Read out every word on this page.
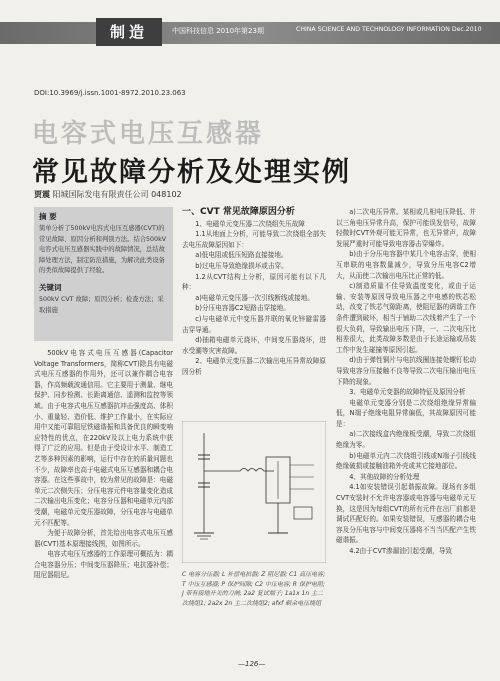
制造	中国科技信息 2010年第23期	CHINA SCIENCE AND TECHNOLOGY INFORMATION Dec.2010
DOI:10.3969/j.issn.1001-8972.2010.23.063
电容式电压互感器
常见故障分析及处理实例
贾震 阳城国际发电有限责任公司 048102

摘 要

简单分析了500kV电容式电压互感器(CVT)的常见故障、原因分析和判别方法。结合500kV电容式电压互感器实践中的故障情况，总结故障处理方法，制定防范措施，为解决此类设备的类似故障提供了经验。

关键词

500kV CVT 故障；原因分析；检查方法；采取措施

500kV电容式电压互感器(Capacitor Voltage Transformers，简称CVT)除具有电磁式电压互感器的作用外，还可以兼作耦合电容器，作高频载波通信用。它主要用于测量、继电保护、同步检测、长距离通信、遥测和监控等领域。由于电容式电压互感器抗冲击强度高、体积小、重量轻、造价低、维护工作量小，在实际应用中又能可靠阻尼铁磁谐振和具备优良的瞬变响应特性的优点，在220kV及以上电力系统中获得了广泛的应用。但是由于受设计水平、制造工艺等多种因素的影响，运行中存在的质量问题也不少，故障率也高于电磁式电压互感器和耦合电容器。在这些事故中，较为常见的故障是：电磁单元二次侧失压；分压电容元件电容量变化造成二次输出电压变化；电容分压器和电磁单元内部受潮，电磁单元变压器故障，分压电容与电磁单元不匹配等。

为便于故障分析，首先给出电容式电压互感器(CVT)基本原理接线图，如图所示。

电容式电压互感器的工作原理可概括为：耦合电容器分压；中间变压器降压；电抗器补偿；阻尼器阻尼。

一、CVT 常见故障原因分析

1、电磁单元变压器二次绕组失压故障

1.1从地面上分析，可能导致二次绕组全部失去电压故障原因如下：

a)低电阻或低压短路直接接地。

b)过电压导致绝缘损坏或击穿。

1.2从CVT结构上分析，原因可能有以下几种：

a)电磁单元变压器一次引线断线或接地。

b)分压电容器C2短路击穿接地。

c)与电磁单元中变压器并联的氧化锌避雷器击穿导通。

d)抽箱电磁单元烧坏，中间变压器烧坏，进水受潮等灾害故障。

2、电磁单元变压器二次输出电压异常故障原因分析

C 电容分压器; L 补偿电抗器; Z 阻尼器; C1 高压电容; T 中压互感器; P 保护间隙; C2 中压电容; R 保护电阻; J 带有接地开关的刀闸; 2a2 复试端子; 1a1x 1n 主二次绕组1; 2a2x 2n 主二次绕组2; afxf 剩余电压绕组

a)二次电压异常。某相或几相电压降低、并以三角电压异常升高，保护可能误发信号，故障轻微时CVT外观可能无异常，也无异常声，故障发展严重时可能导致电容器击穿爆炸。

b)由于分压电容器中某几个电容击穿，使相互串联的电容数量减少，导致分压电容C2增大，从而使二次输出电压比正常的低。

c)制造质量不佳导致温度变化，或由于运输、安装等原因导致电压器之中电感的铁芯松动，改变了铁芯气隙距离，使阻尼器的调谐工作条件遭到破坏，相当于铺助二次线着产生了一个很大负荷，导致输出电压下降，一、二次电压比相差很大，此类故障多数是由于长途运输或吊装工作中发生碰撞等原因引起。

d)由于弹性铜片与电抗线圈连接处螺钉松动导致电容分压接触不良等导致二次电压输出电压下降的现象。

3、电磁单元变器的故障特征及原因分析

电磁单元变器分别是二次绕组绝缘异常偏低，N端子绝缘电阻异常偏低，其故障原因可能是：

a)二次接线盒内绝缘板受潮，导致二次绕组绝缘为零。

b)电磁单元内二次绕组引线或N端子引线线绝缘破损或接触油箱外壳或其它接地部位。

4、其他故障的分析处理

4.1如安装错误引起谐振故障。现场有多组CVT安装时不允许电容器或电容器与电磁单元互换，这是因为每组CVT的所有元件在出厂前都是调试匹配好的。如果安装错误，互感器的耦合电容及分压电容与中间变压器将不当当匹配产生铁磁谐振。

4.2由于CVT渗漏油引起受潮，导致

—126—
